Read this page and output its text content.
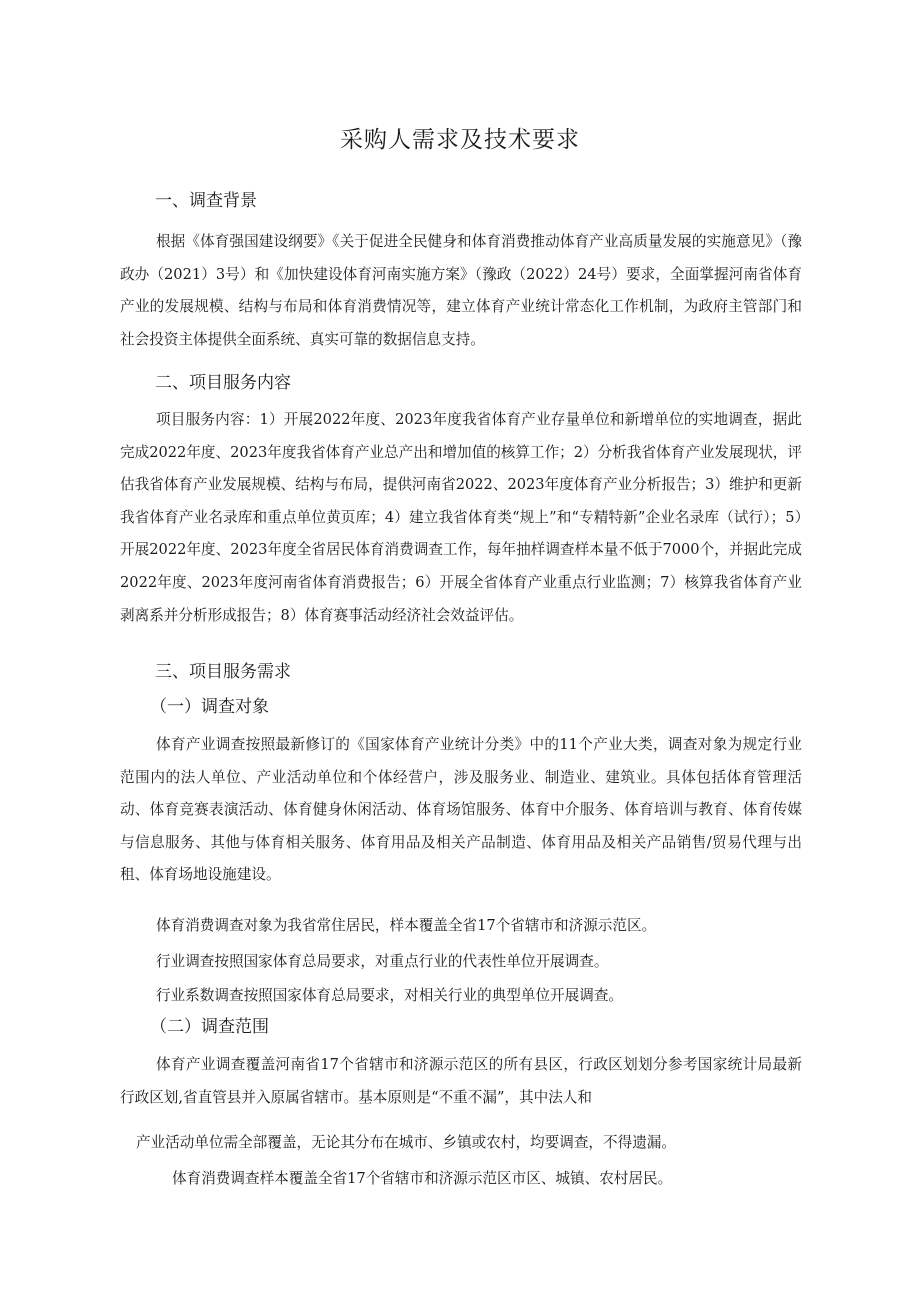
采购人需求及技术要求
一、调查背景

根据《体育强国建设纲要》《关于促进全民健身和体育消费推动体育产业高质量发展的实施意见》（豫政办（2021）3号）和《加快建设体育河南实施方案》（豫政（2022）24号）要求，全面掌握河南省体育产业的发展规模、结构与布局和体育消费情况等，建立体育产业统计常态化工作机制，为政府主管部门和社会投资主体提供全面系统、真实可靠的数据信息支持。

二、项目服务内容

项目服务内容：1）开展2022年度、2023年度我省体育产业存量单位和新增单位的实地调查，据此完成2022年度、2023年度我省体育产业总产出和增加值的核算工作；2）分析我省体育产业发展现状，评估我省体育产业发展规模、结构与布局，提供河南省2022、2023年度体育产业分析报告；3）维护和更新我省体育产业名录库和重点单位黄页库；4）建立我省体育类“规上”和“专精特新”企业名录库（试行）；5）开展2022年度、2023年度全省居民体育消费调查工作，每年抽样调查样本量不低于7000个，并据此完成2022年度、2023年度河南省体育消费报告；6）开展全省体育产业重点行业监测；7）核算我省体育产业剥离系并分析形成报告；8）体育赛事活动经济社会效益评估。

三、项目服务需求
（一）调查对象

体育产业调查按照最新修订的《国家体育产业统计分类》中的11个产业大类，调查对象为规定行业范围内的法人单位、产业活动单位和个体经营户，涉及服务业、制造业、建筑业。具体包括体育管理活动、体育竞赛表演活动、体育健身休闲活动、体育场馆服务、体育中介服务、体育培训与教育、体育传媒与信息服务、其他与体育相关服务、体育用品及相关产品制造、体育用品及相关产品销售/贸易代理与出租、体育场地设施建设。

体育消费调查对象为我省常住居民，样本覆盖全省17个省辖市和济源示范区。

行业调查按照国家体育总局要求，对重点行业的代表性单位开展调查。

行业系数调查按照国家体育总局要求，对相关行业的典型单位开展调查。

（二）调查范围

体育产业调查覆盖河南省17个省辖市和济源示范区的所有县区，行政区划划分参考国家统计局最新行政区划,省直管县并入原属省辖市。基本原则是“不重不漏”，其中法人和

产业活动单位需全部覆盖，无论其分布在城市、乡镇或农村，均要调查，不得遗漏。
体育消费调查样本覆盖全省17个省辖市和济源示范区市区、城镇、农村居民。
